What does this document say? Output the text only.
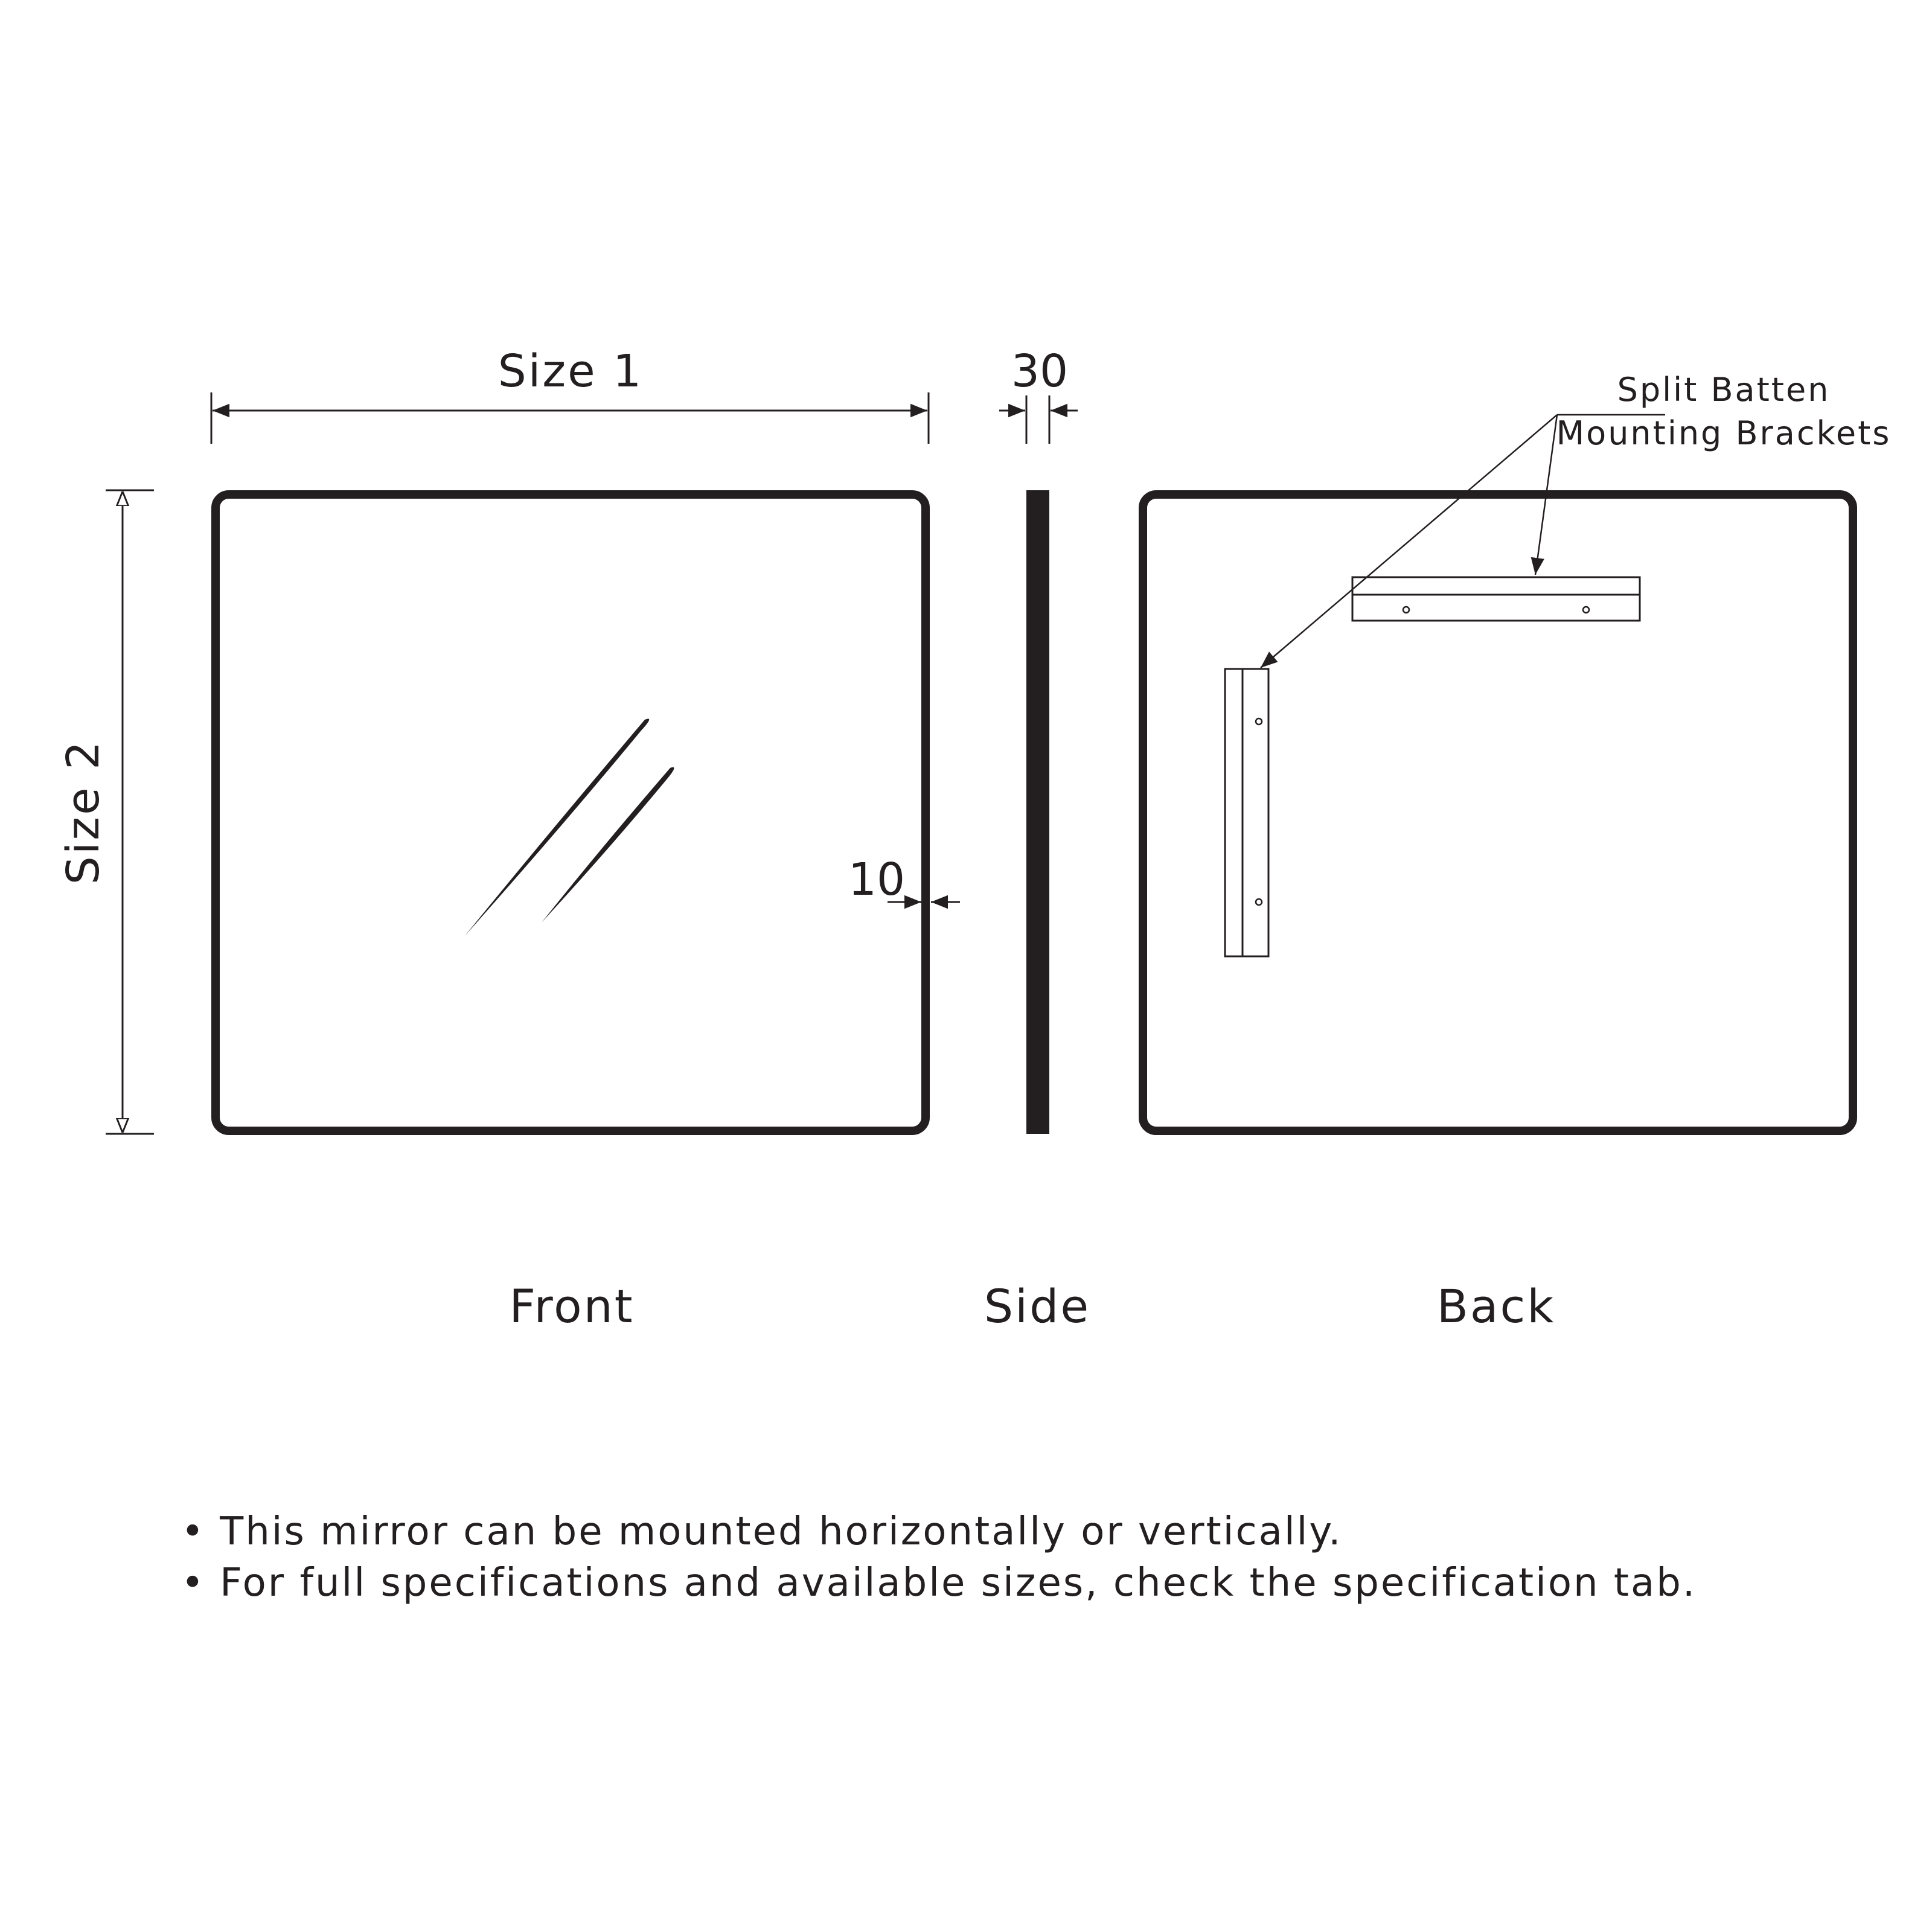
Size 1
Size 2	10
30	Split Batten
Mounting Brackets
Front	Side	Back
• This mirror can be mounted horizontally or vertically.
• For full specifications and available sizes, check the specification tab.
